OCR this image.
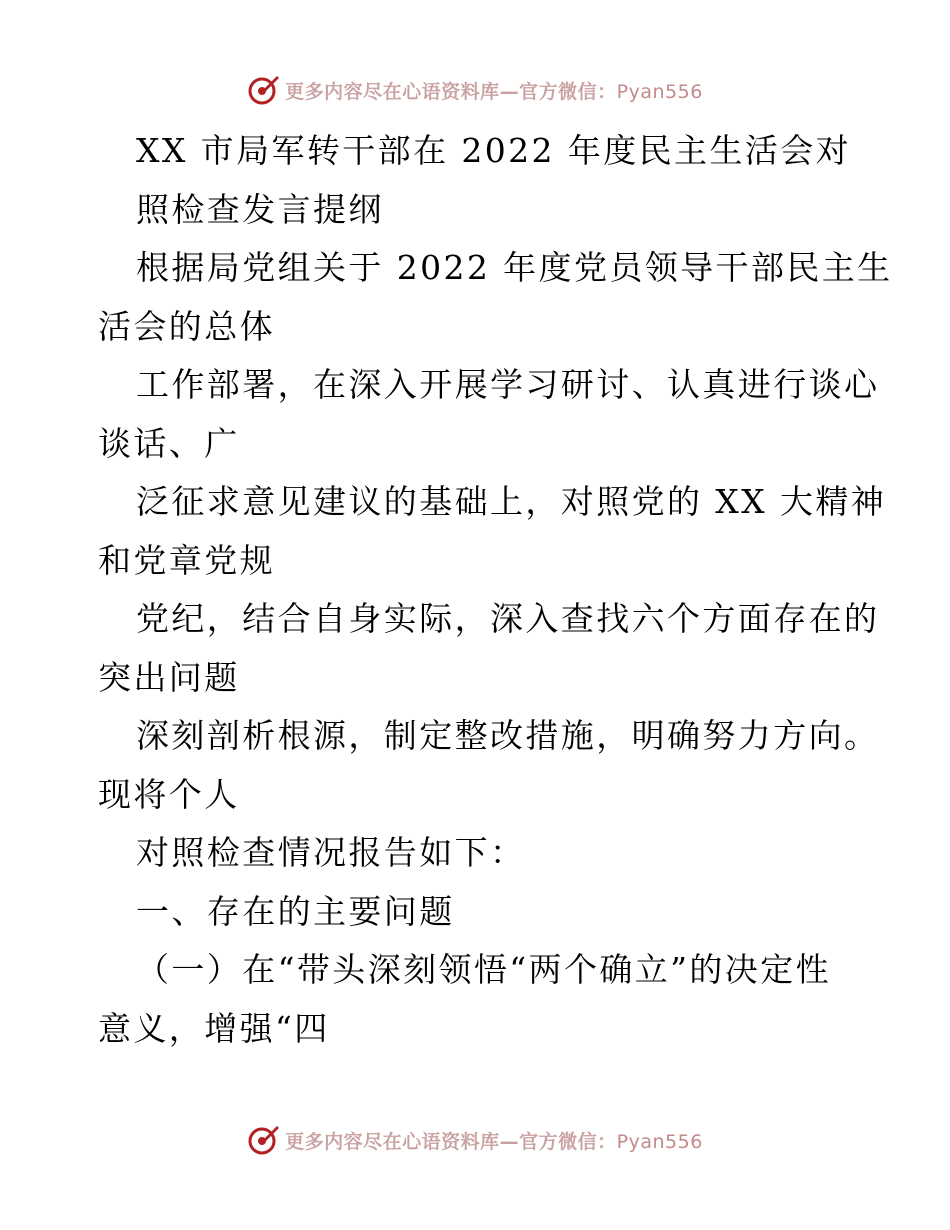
更多内容尽在心语资料库—官方微信：Pyan556
XX 市局军转干部在 2022 年度民主生活会对
照检查发言提纲
根据局党组关于 2022 年度党员领导干部民主生
活会的总体
工作部署，在深入开展学习研讨、认真进行谈心
谈话、广
泛征求意见建议的基础上，对照党的 XX 大精神
和党章党规
党纪，结合自身实际，深入查找六个方面存在的
突出问题
深刻剖析根源，制定整改措施，明确努力方向。
现将个人
对照检查情况报告如下：
一、存在的主要问题
（一）在“带头深刻领悟“两个确立”的决定性
意义，增强“四
更多内容尽在心语资料库—官方微信：Pyan556
